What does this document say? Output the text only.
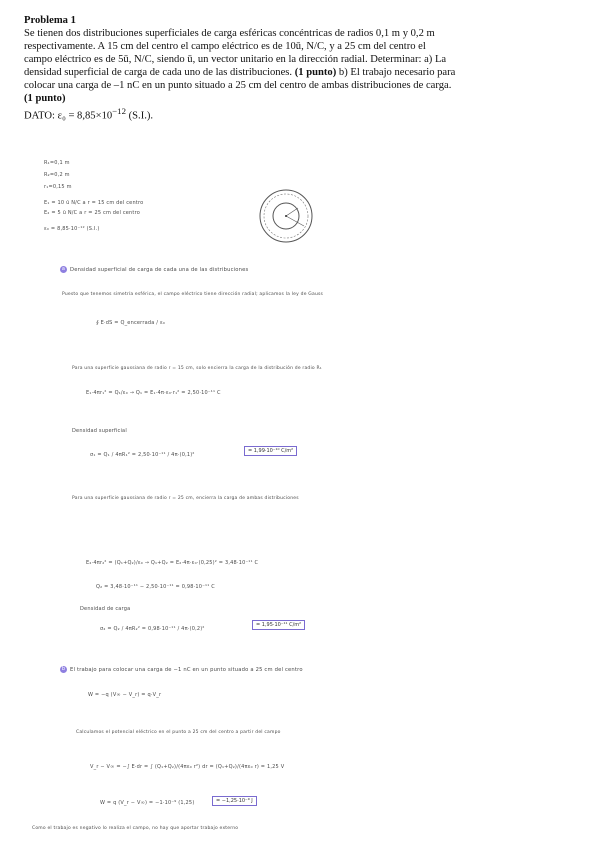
Problema 1

Se tienen dos distribuciones superficiales de carga esféricas concéntricas de radios 0,1 m y 0,2 m

respectivamente. A 15 cm del centro el campo eléctrico es de 10ū, N/C, y a 25 cm del centro el

campo eléctrico es de 5ū, N/C, siendo ū, un vector unitario en la dirección radial. Determinar: a) La

densidad superficial de carga de cada uno de las distribuciones. (1 punto) b) El trabajo necesario para

colocar una carga de –1 nC en un punto situado a 25 cm del centro de ambas distribuciones de carga.

(1 punto)

DATO: $\varepsilon_0 = 8,85\times 10^{-12}$ (S.I.).

R₁=0,1 m
R₂=0,2 m
r₁=0,15 m
E₁ = 10 ū N/C a r = 15 cm del centro
E₂ = 5 ū N/C a r = 25 cm del centro
ε₀ = 8,85·10⁻¹² (S.I.)
a Densidad superficial de carga de cada una de las distribuciones
Puesto que tenemos simetría esférica, el campo eléctrico tiene dirección radial; aplicamos la ley de Gauss
∮ E·dS = Q_encerrada / ε₀
Para una superficie gaussiana de radio r = 15 cm, solo encierra la carga de la distribución de radio R₁
E₁·4πr₁² = Q₁/ε₀ → Q₁ = E₁·4π·ε₀·r₁² = 2,50·10⁻¹¹ C
Densidad superficial
σ₁ = Q₁ / 4πR₁² = 2,50·10⁻¹¹ / 4π·(0,1)²
= 1,99·10⁻¹⁰ C/m²
Para una superficie gaussiana de radio r = 25 cm, encierra la carga de ambas distribuciones
E₂·4πr₂² = (Q₁+Q₂)/ε₀ → Q₁+Q₂ = E₂·4π·ε₀·(0,25)² = 3,48·10⁻¹¹ C
Q₂ = 3,48·10⁻¹¹ − 2,50·10⁻¹¹ = 0,98·10⁻¹¹ C
Densidad de carga
σ₂ = Q₂ / 4πR₂² = 0,98·10⁻¹¹ / 4π·(0,2)²
= 1,95·10⁻¹¹ C/m²
b El trabajo para colocar una carga de −1 nC en un punto situado a 25 cm del centro
W = −q (V∞ − V_r) = q·V_r
Calculamos el potencial eléctrico en el punto a 25 cm del centro a partir del campo
V_r − V∞ = −∫ E·dr = ∫ (Q₁+Q₂)/(4πε₀ r²) dr = (Q₁+Q₂)/(4πε₀ r) = 1,25 V
W = q (V_r − V∞) = −1·10⁻⁹ (1,25)	= −1,25·10⁻⁹ J
Como el trabajo es negativo lo realiza el campo, no hay que aportar trabajo externo
